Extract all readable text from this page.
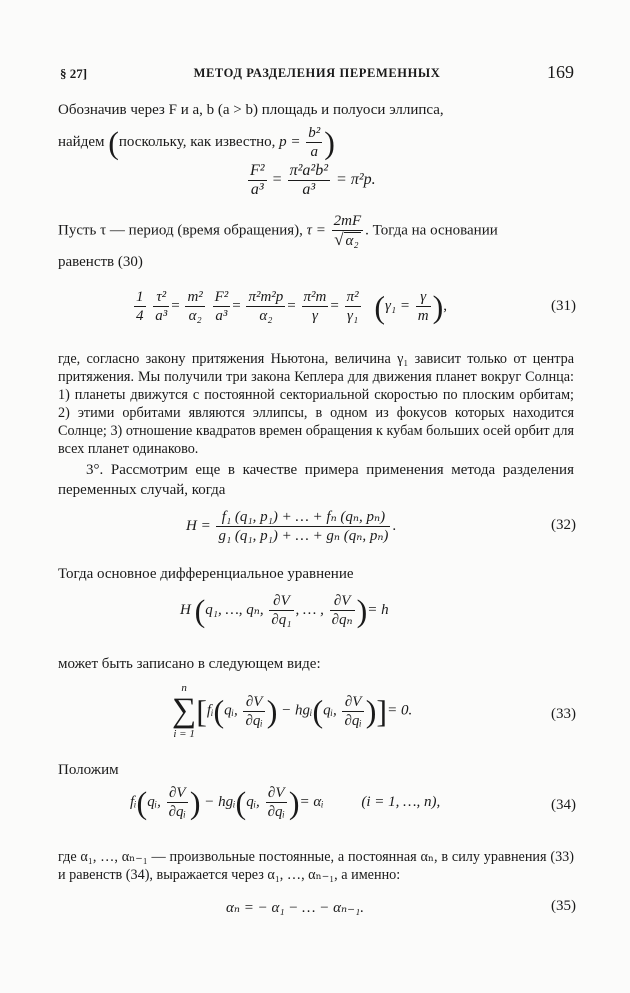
§ 27]	МЕТОД РАЗДЕЛЕНИЯ ПЕРЕМЕННЫХ	169
Обозначив через F и a, b (a > b) площадь и полуоси эллипса,
найдем (поскольку, как известно, $p = \frac{\text{b²}}{a}$ )
$\frac{\text{F²}}{\text{a³}} = \frac{\text{π²a²b²}}{\text{a³}} = \pi^2p$.
Пусть τ — период (время обращения), $\tau = \frac{2mF}{\text{√ α₂}}$ . Тогда на основании
равенств (30)
$\frac{1}{4}$
$\frac{\text{τ²}}{\text{a³}} = \frac{\text{m²}}{\text{α₂}}$
$\frac{\text{F²}}{\text{a³}} = \frac{\text{π²m²p}}{\text{α₂}} = \frac{\text{π²m}}{\gamma} = \frac{\text{π²}}{\text{γ₁}} (\gamma_1 = \frac{\gamma}{m}$ ),	(31)
где, согласно закону притяжения Ньютона, величина γ₁ зависит только от центра притяжения. Мы получили три закона Кеплера для движения планет вокруг Солнца: 1) планеты движутся с постоянной секториальной скоростью по плоским орбитам; 2) этими орбитами являются эллипсы, в одном из фокусов которых находится Солнце; 3) отношение квадратов времен обращения к кубам больших осей орбит для всех планет одинаково.
3°. Рассмотрим еще в качестве примера применения метода разделения переменных случай, когда
$H = \frac{\text{f₁ (q₁, p₁) + … + fₙ (qₙ, pₙ)}}{\text{g₁ (q₁, p₁) + … + gₙ (qₙ, pₙ)}}$ .	(32)
Тогда основное дифференциальное уравнение
H (q₁, …, qₙ, $\frac{\partial V}{\text{∂q₁}}$ , … , $\frac{\partial V}{\text{∂qₙ}}$ )= h
может быть записано в следующем виде:
n
∑
i = 1
[fᵢ(qᵢ, $\frac{\partial V}{\text{∂qᵢ}}$ ) − hgᵢ(qᵢ, $\frac{\partial V}{\text{∂qᵢ}}$ )]= 0.	(33)
Положим
fᵢ(qᵢ, $\frac{\partial V}{\text{∂qᵢ}}$ ) − hgᵢ(qᵢ, $\frac{\partial V}{\text{∂qᵢ}}$ )= αᵢ	(i = 1, …, n),	(34)
где α₁, …, αₙ₋₁ — произвольные постоянные, а постоянная αₙ, в силу уравнения (33) и равенств (34), выражается через α₁, …, αₙ₋₁, а именно:
αₙ = − α₁ − … − αₙ₋₁.	(35)
